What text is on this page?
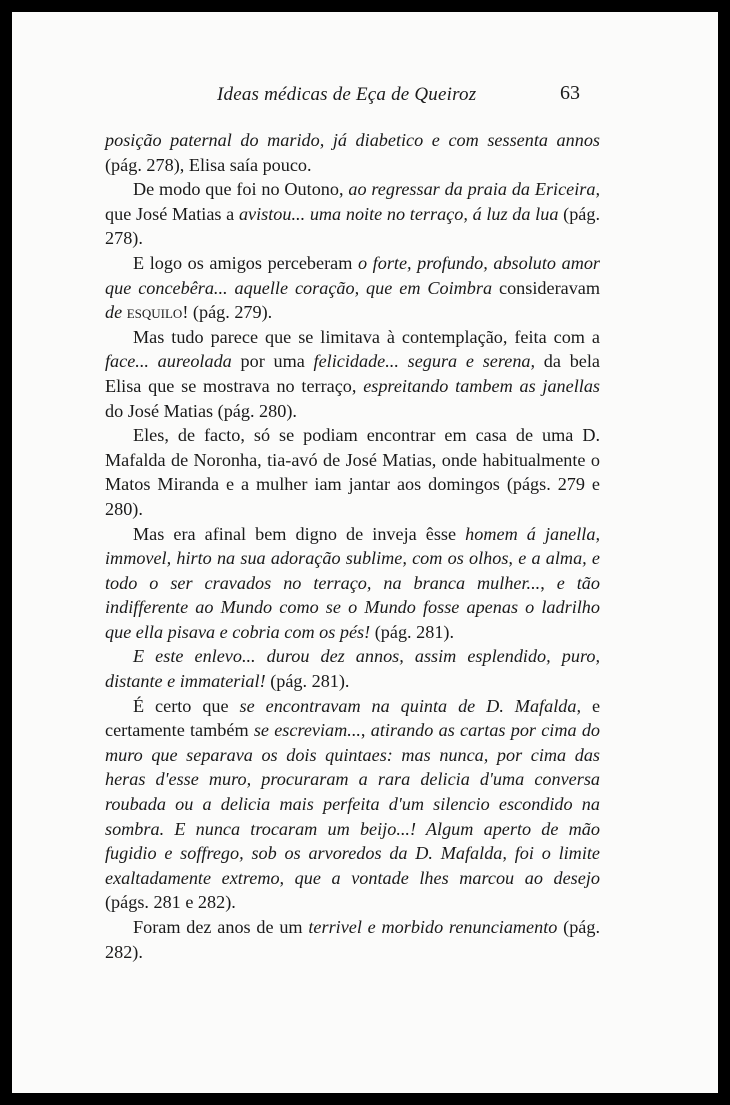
Ideas médicas de Eça de Queiroz	63

posição paternal do marido, já diabetico e com sessenta annos (pág. 278), Elisa saía pouco.

De modo que foi no Outono, ao regressar da praia da Ericeira, que José Matias a avistou... uma noite no terraço, á luz da lua (pág. 278).

E logo os amigos perceberam o forte, profundo, absoluto amor que concebêra... aquelle coração, que em Coimbra consideravam de esquilo! (pág. 279).

Mas tudo parece que se limitava à contemplação, feita com a face... aureolada por uma felicidade... segura e serena, da bela Elisa que se mostrava no terraço, espreitando tambem as janellas do José Matias (pág. 280).

Eles, de facto, só se podiam encontrar em casa de uma D. Mafalda de Noronha, tia-avó de José Matias, onde habitualmente o Matos Miranda e a mulher iam jantar aos domingos (págs. 279 e 280).

Mas era afinal bem digno de inveja êsse homem á janella, immovel, hirto na sua adoração sublime, com os olhos, e a alma, e todo o ser cravados no terraço, na branca mulher..., e tão indifferente ao Mundo como se o Mundo fosse apenas o ladrilho que ella pisava e cobria com os pés! (pág. 281).

E este enlevo... durou dez annos, assim esplendido, puro, distante e immaterial! (pág. 281).

É certo que se encontravam na quinta de D. Mafalda, e certamente também se escreviam..., atirando as cartas por cima do muro que separava os dois quintaes: mas nunca, por cima das heras d'esse muro, procuraram a rara delicia d'uma conversa roubada ou a delicia mais perfeita d'um silencio escondido na sombra. E nunca trocaram um beijo...! Algum aperto de mão fugidio e soffrego, sob os arvoredos da D. Mafalda, foi o limite exaltadamente extremo, que a vontade lhes marcou ao desejo (págs. 281 e 282).

Foram dez anos de um terrivel e morbido renunciamento (pág. 282).
